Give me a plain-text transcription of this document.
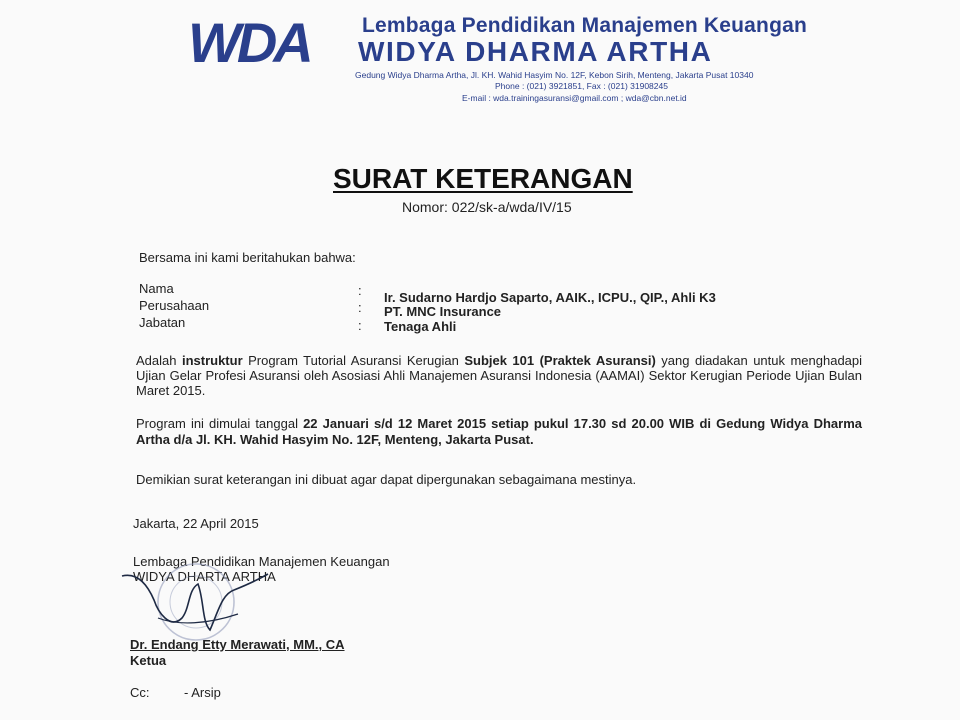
WDA Lembaga Pendidikan Manajemen Keuangan
WIDYA DHARMA ARTHA
Gedung Widya Dharma Artha, Jl. KH. Wahid Hasyim No. 12F, Kebon Sirih, Menteng, Jakarta Pusat 10340
Phone : (021) 3921851, Fax : (021) 31908245
E-mail : wda.trainingasuransi@gmail.com ; wda@cbn.net.id
SURAT KETERANGAN
Nomor: 022/sk-a/wda/IV/15
Bersama ini kami beritahukan bahwa:
Nama	: Ir. Sudarno Hardjo Saparto, AAIK., ICPU., QIP., Ahli K3
Perusahaan	: PT. MNC Insurance
Jabatan	: Tenaga Ahli
Adalah instruktur Program Tutorial Asuransi Kerugian Subjek 101 (Praktek Asuransi) yang diadakan untuk menghadapi Ujian Gelar Profesi Asuransi oleh Asosiasi Ahli Manajemen Asuransi Indonesia (AAMAI) Sektor Kerugian Periode Ujian Bulan Maret 2015.
Program ini dimulai tanggal 22 Januari s/d 12 Maret 2015 setiap pukul 17.30 sd 20.00 WIB di Gedung Widya Dharma Artha d/a Jl. KH. Wahid Hasyim No. 12F, Menteng, Jakarta Pusat.
Demikian surat keterangan ini dibuat agar dapat dipergunakan sebagaimana mestinya.
Jakarta, 22 April 2015
Lembaga Pendidikan Manajemen Keuangan
WIDYA DHARTA ARTHA
Dr. Endang Etty Merawati, MM., CA
Ketua
Cc:	- Arsip
